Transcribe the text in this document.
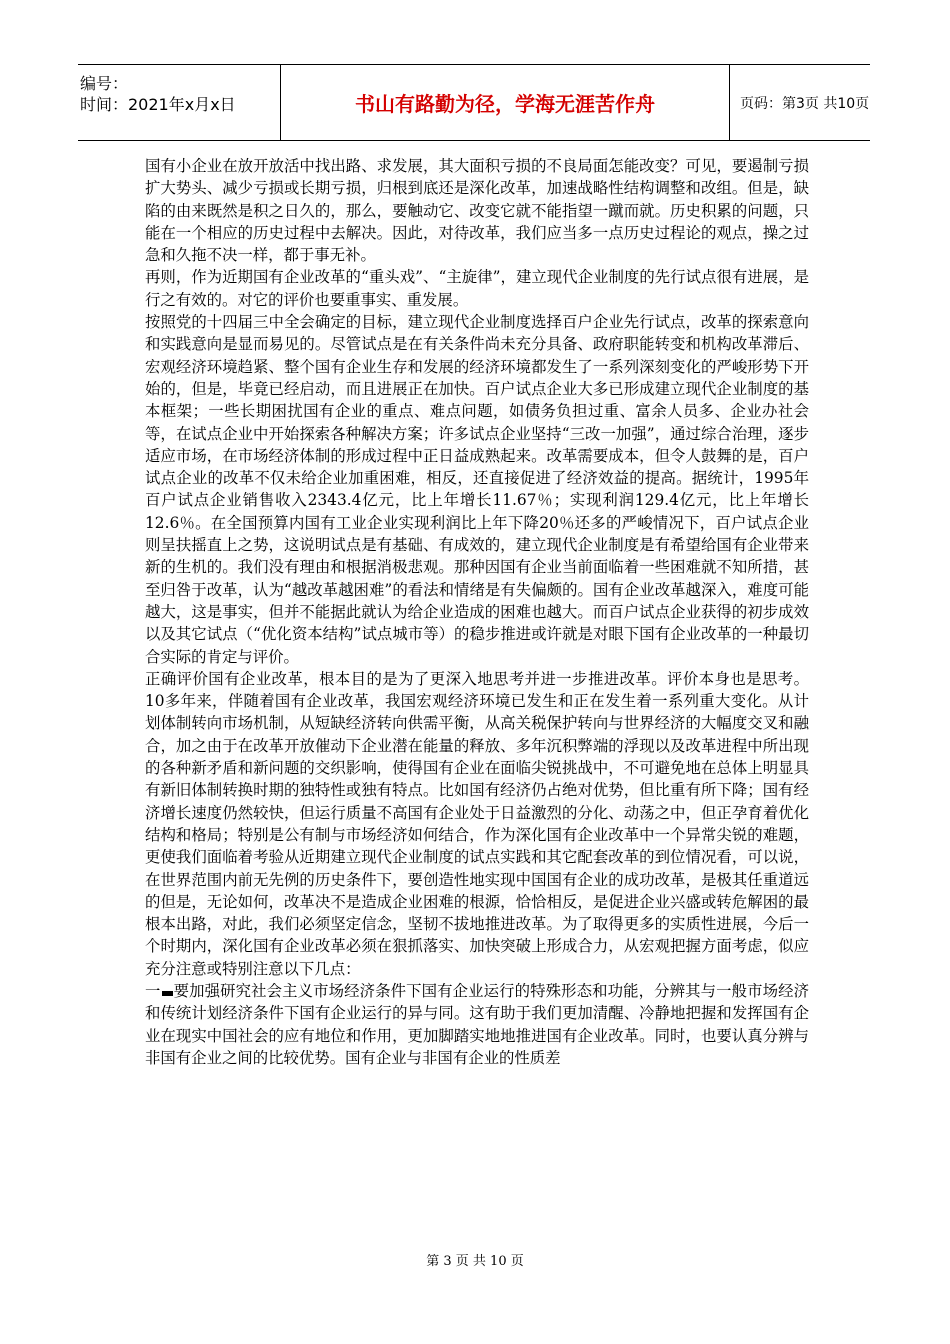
编号：
时间：2021年x月x日	书山有路勤为径，学海无涯苦作舟	页码：第3页 共10页

国有小企业在放开放活中找出路、求发展，其大面积亏损的不良局面怎能改变？可见，要遏制亏损扩大势头、减少亏损或长期亏损，归根到底还是深化改革，加速战略性结构调整和改组。但是，缺陷的由来既然是积之日久的，那么，要触动它、改变它就不能指望一蹴而就。历史积累的问题，只能在一个相应的历史过程中去解决。因此，对待改革，我们应当多一点历史过程论的观点，操之过急和久拖不决一样，都于事无补。

再则，作为近期国有企业改革的“重头戏”、“主旋律”，建立现代企业制度的先行试点很有进展，是行之有效的。对它的评价也要重事实、重发展。

按照党的十四届三中全会确定的目标，建立现代企业制度选择百户企业先行试点，改革的探索意向和实践意向是显而易见的。尽管试点是在有关条件尚未充分具备、政府职能转变和机构改革滞后、宏观经济环境趋紧、整个国有企业生存和发展的经济环境都发生了一系列深刻变化的严峻形势下开始的，但是，毕竟已经启动，而且进展正在加快。百户试点企业大多已形成建立现代企业制度的基本框架；一些长期困扰国有企业的重点、难点问题，如债务负担过重、富余人员多、企业办社会等，在试点企业中开始探索各种解决方案；许多试点企业坚持“三改一加强”，通过综合治理，逐步适应市场，在市场经济体制的形成过程中正日益成熟起来。改革需要成本，但令人鼓舞的是，百户试点企业的改革不仅未给企业加重困难，相反，还直接促进了经济效益的提高。据统计，1995年百户试点企业销售收入2343.4亿元，比上年增长11.67％；实现利润129.4亿元，比上年增长12.6％。在全国预算内国有工业企业实现利润比上年下降20％还多的严峻情况下，百户试点企业则呈扶摇直上之势，这说明试点是有基础、有成效的，建立现代企业制度是有希望给国有企业带来新的生机的。我们没有理由和根据消极悲观。那种因国有企业当前面临着一些困难就不知所措，甚至归咎于改革，认为“越改革越困难”的看法和情绪是有失偏颇的。国有企业改革越深入，难度可能越大，这是事实，但并不能据此就认为给企业造成的困难也越大。而百户试点企业获得的初步成效以及其它试点（“优化资本结构”试点城市等）的稳步推进或许就是对眼下国有企业改革的一种最切合实际的肯定与评价。

正确评价国有企业改革，根本目的是为了更深入地思考并进一步推进改革。评价本身也是思考。10多年来，伴随着国有企业改革，我国宏观经济环境已发生和正在发生着一系列重大变化。从计划体制转向市场机制，从短缺经济转向供需平衡，从高关税保护转向与世界经济的大幅度交叉和融合，加之由于在改革开放催动下企业潜在能量的释放、多年沉积弊端的浮现以及改革进程中所出现的各种新矛盾和新问题的交织影响，使得国有企业在面临尖锐挑战中，不可避免地在总体上明显具有新旧体制转换时期的独特性或独有特点。比如国有经济仍占绝对优势，但比重有所下降；国有经济增长速度仍然较快，但运行质量不高国有企业处于日益激烈的分化、动荡之中，但正孕育着优化结构和格局；特别是公有制与市场经济如何结合，作为深化国有企业改革中一个异常尖锐的难题，更使我们面临着考验从近期建立现代企业制度的试点实践和其它配套改革的到位情况看，可以说，在世界范围内前无先例的历史条件下，要创造性地实现中国国有企业的成功改革，是极其任重道远的但是，无论如何，改革决不是造成企业困难的根源，恰恰相反，是促进企业兴盛或转危解困的最根本出路，对此，我们必须坚定信念，坚韧不拔地推进改革。为了取得更多的实质性进展，今后一个时期内，深化国有企业改革必须在狠抓落实、加快突破上形成合力，从宏观把握方面考虑，似应充分注意或特别注意以下几点：

一 要加强研究社会主义市场经济条件下国有企业运行的特殊形态和功能，分辨其与一般市场经济和传统计划经济条件下国有企业运行的异与同。这有助于我们更加清醒、冷静地把握和发挥国有企业在现实中国社会的应有地位和作用，更加脚踏实地地推进国有企业改革。同时，也要认真分辨与非国有企业之间的比较优势。国有企业与非国有企业的性质差

第 3 页 共 10 页
